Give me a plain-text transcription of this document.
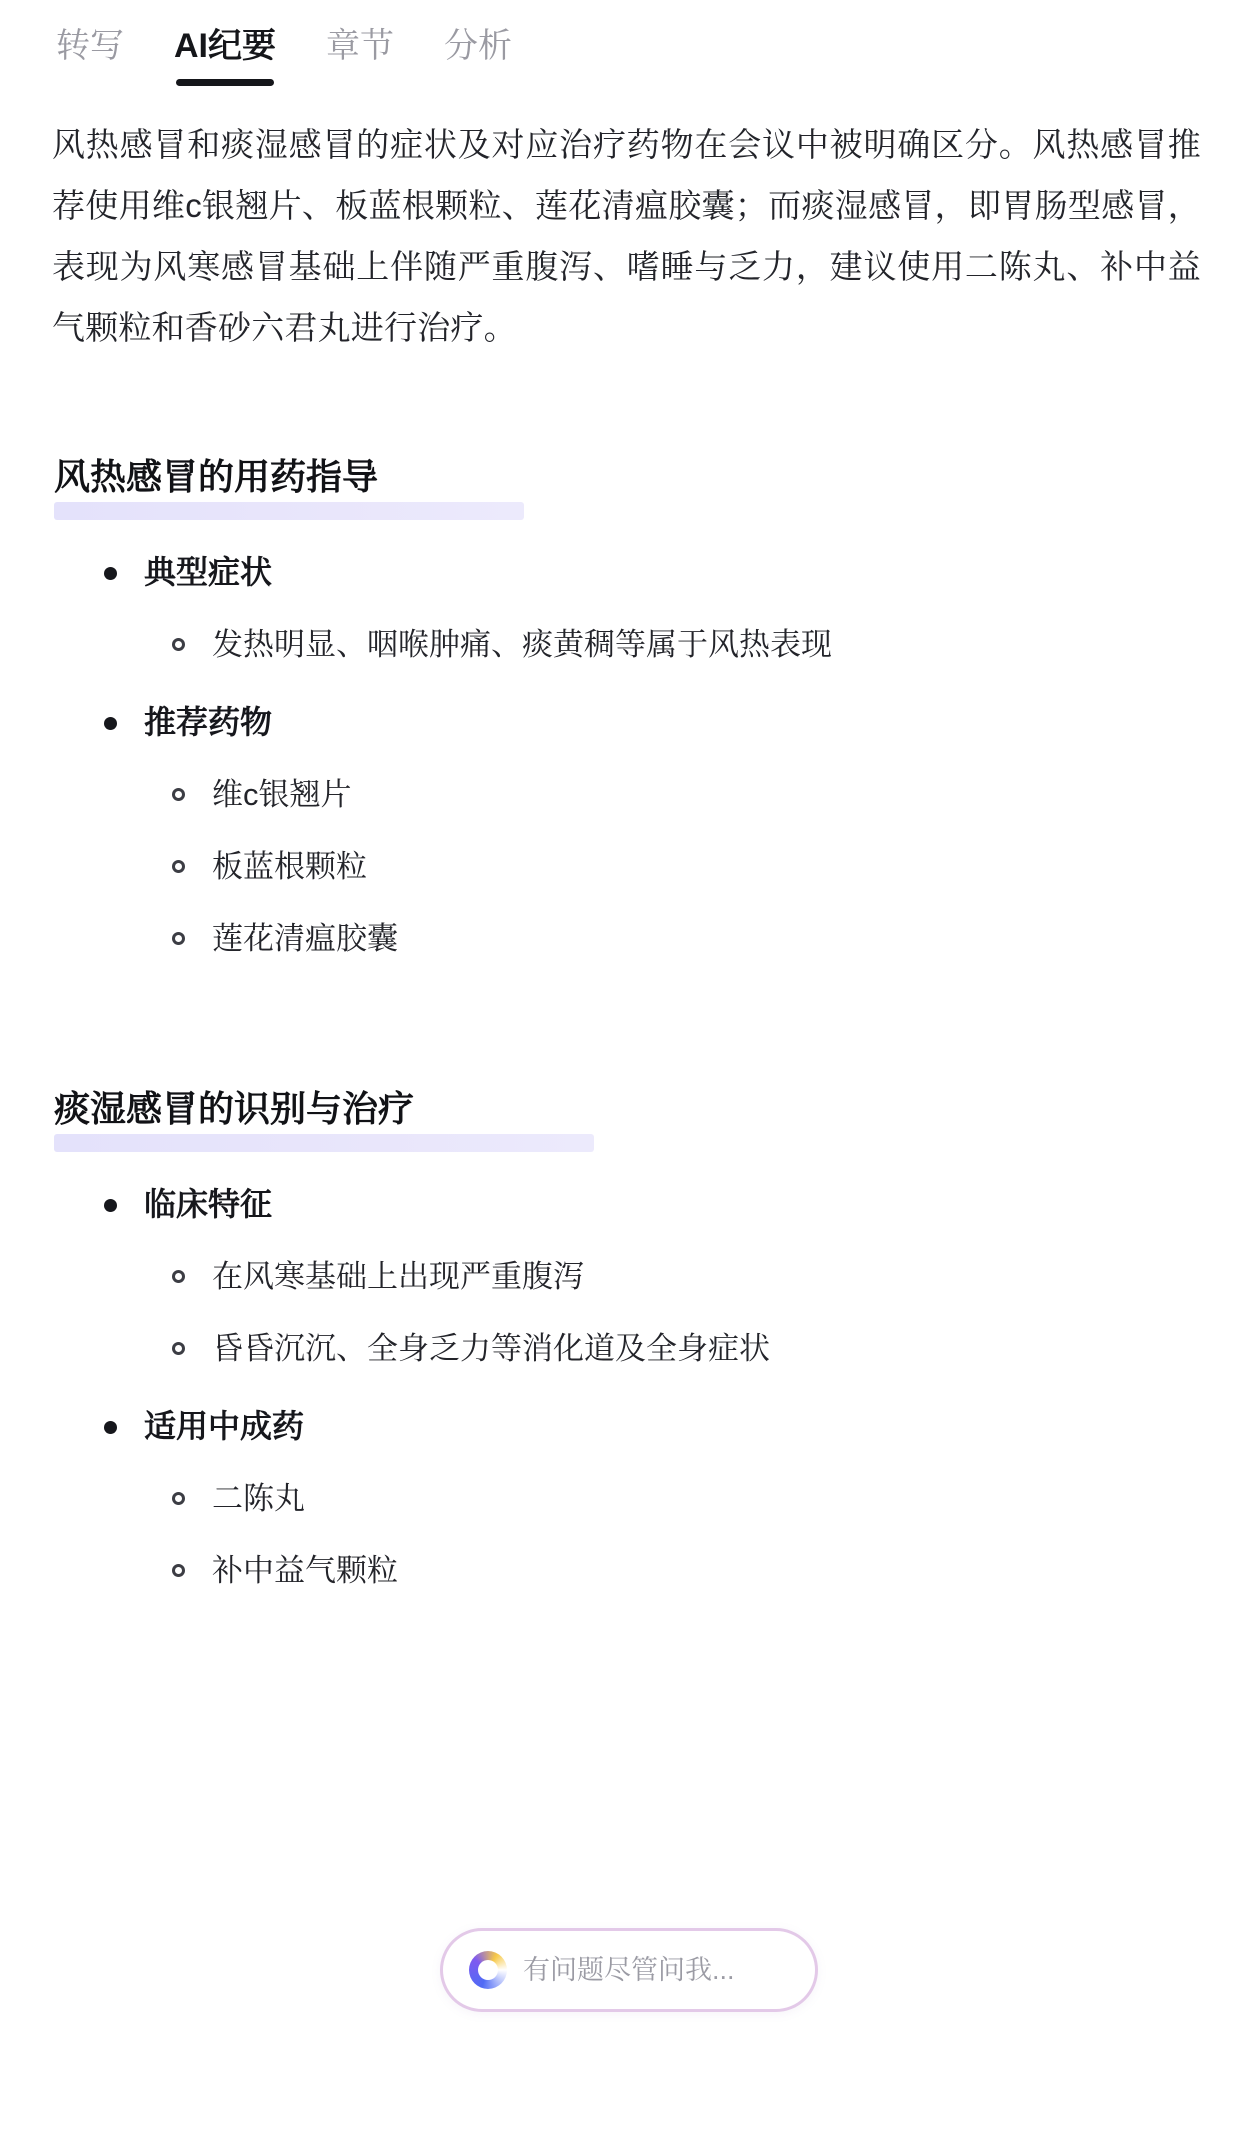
转写 AI纪要 章节 分析

风热感冒和痰湿感冒的症状及对应治疗药物在会议中被明确区分。风热感冒推荐使用维c银翘片、板蓝根颗粒、莲花清瘟胶囊；而痰湿感冒，即胃肠型感冒，表现为风寒感冒基础上伴随严重腹泻、嗜睡与乏力，建议使用二陈丸、补中益气颗粒和香砂六君丸进行治疗。

风热感冒的用药指导
典型症状
发热明显、咽喉肿痛、痰黄稠等属于风热表现
推荐药物
维c银翘片
板蓝根颗粒
莲花清瘟胶囊
痰湿感冒的识别与治疗
临床特征
在风寒基础上出现严重腹泻
昏昏沉沉、全身乏力等消化道及全身症状
适用中成药
二陈丸
补中益气颗粒
有问题尽管问我...
